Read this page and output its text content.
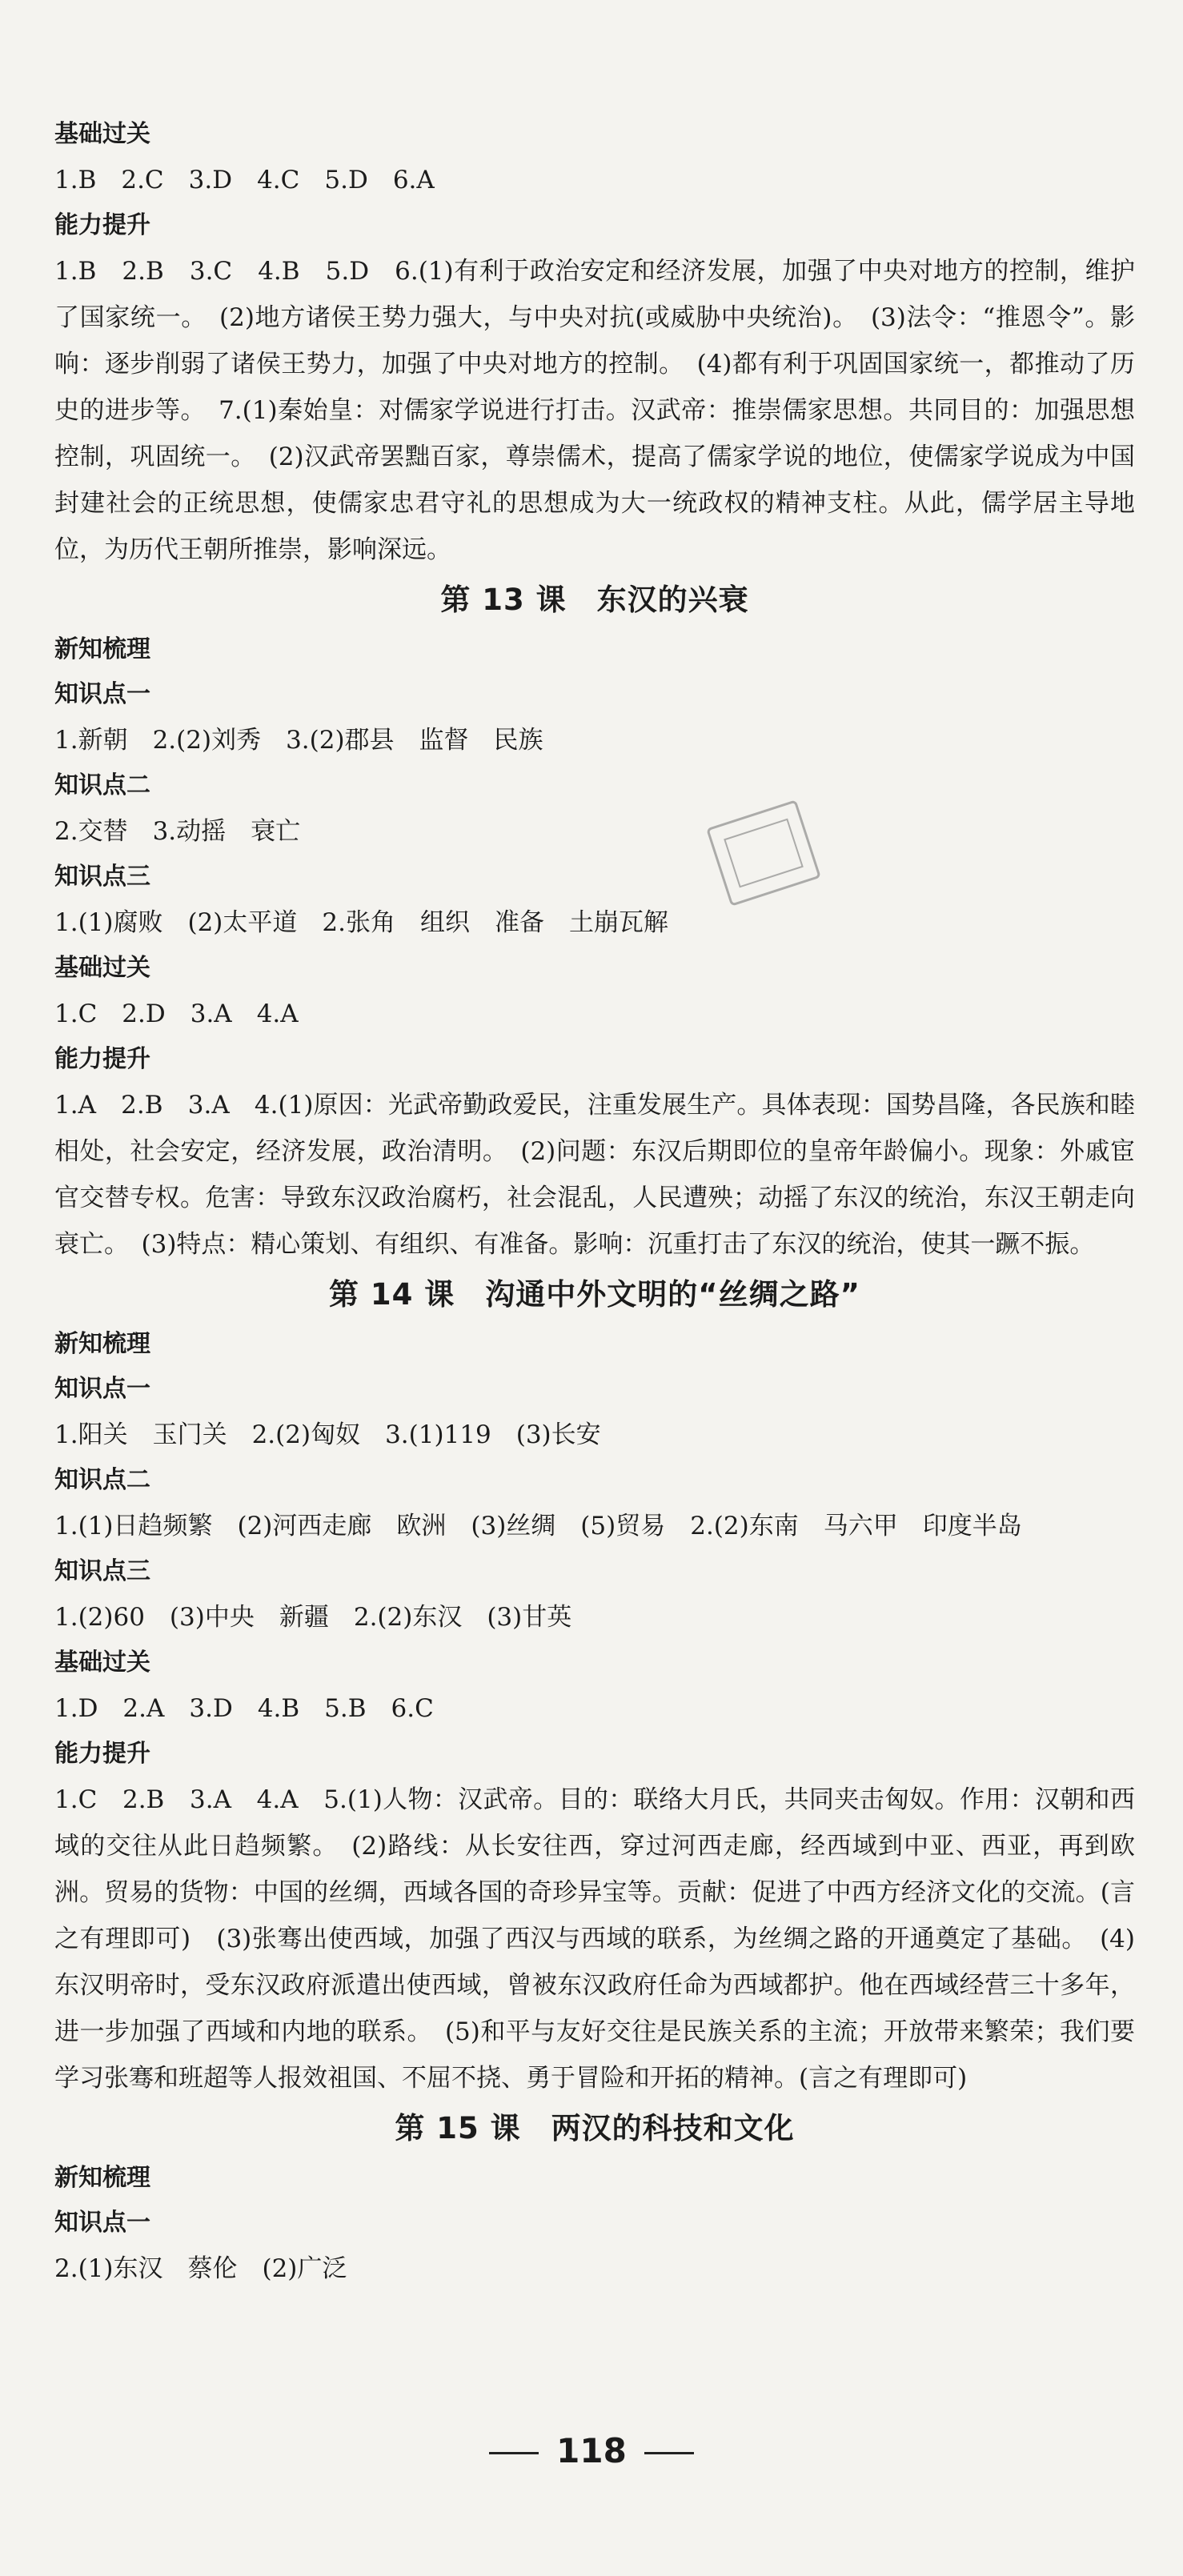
基础过关
1.B　2.C　3.D　4.C　5.D　6.A
能力提升
1.B　2.B　3.C　4.B　5.D　6.(1)有利于政治安定和经济发展，加强了中央对地方的控制，维护了国家统一。　(2)地方诸侯王势力强大，与中央对抗(或威胁中央统治)。　(3)法令：“推恩令”。影响：逐步削弱了诸侯王势力，加强了中央对地方的控制。　(4)都有利于巩固国家统一，都推动了历史的进步等。　7.(1)秦始皇：对儒家学说进行打击。汉武帝：推崇儒家思想。共同目的：加强思想控制，巩固统一。　(2)汉武帝罢黜百家，尊崇儒术，提高了儒家学说的地位，使儒家学说成为中国封建社会的正统思想，使儒家忠君守礼的思想成为大一统政权的精神支柱。从此，儒学居主导地位，为历代王朝所推崇，影响深远。
第 13 课　东汉的兴衰
新知梳理
知识点一
1.新朝　2.(2)刘秀　3.(2)郡县　监督　民族
知识点二
2.交替　3.动摇　衰亡
知识点三
1.(1)腐败　(2)太平道　2.张角　组织　准备　土崩瓦解
基础过关
1.C　2.D　3.A　4.A
能力提升
1.A　2.B　3.A　4.(1)原因：光武帝勤政爱民，注重发展生产。具体表现：国势昌隆，各民族和睦相处，社会安定，经济发展，政治清明。　(2)问题：东汉后期即位的皇帝年龄偏小。现象：外戚宦官交替专权。危害：导致东汉政治腐朽，社会混乱，人民遭殃；动摇了东汉的统治，东汉王朝走向衰亡。　(3)特点：精心策划、有组织、有准备。影响：沉重打击了东汉的统治，使其一蹶不振。
第 14 课　沟通中外文明的“丝绸之路”
新知梳理
知识点一
1.阳关　玉门关　2.(2)匈奴　3.(1)119　(3)长安
知识点二
1.(1)日趋频繁　(2)河西走廊　欧洲　(3)丝绸　(5)贸易　2.(2)东南　马六甲　印度半岛
知识点三
1.(2)60　(3)中央　新疆　2.(2)东汉　(3)甘英
基础过关
1.D　2.A　3.D　4.B　5.B　6.C
能力提升
1.C　2.B　3.A　4.A　5.(1)人物：汉武帝。目的：联络大月氏，共同夹击匈奴。作用：汉朝和西域的交往从此日趋频繁。　(2)路线：从长安往西，穿过河西走廊，经西域到中亚、西亚，再到欧洲。贸易的货物：中国的丝绸，西域各国的奇珍异宝等。贡献：促进了中西方经济文化的交流。(言之有理即可)　(3)张骞出使西域，加强了西汉与西域的联系，为丝绸之路的开通奠定了基础。　(4)东汉明帝时，受东汉政府派遣出使西域，曾被东汉政府任命为西域都护。他在西域经营三十多年，进一步加强了西域和内地的联系。　(5)和平与友好交往是民族关系的主流；开放带来繁荣；我们要学习张骞和班超等人报效祖国、不屈不挠、勇于冒险和开拓的精神。(言之有理即可)
第 15 课　两汉的科技和文化
新知梳理
知识点一
2.(1)东汉　蔡伦　(2)广泛
118
